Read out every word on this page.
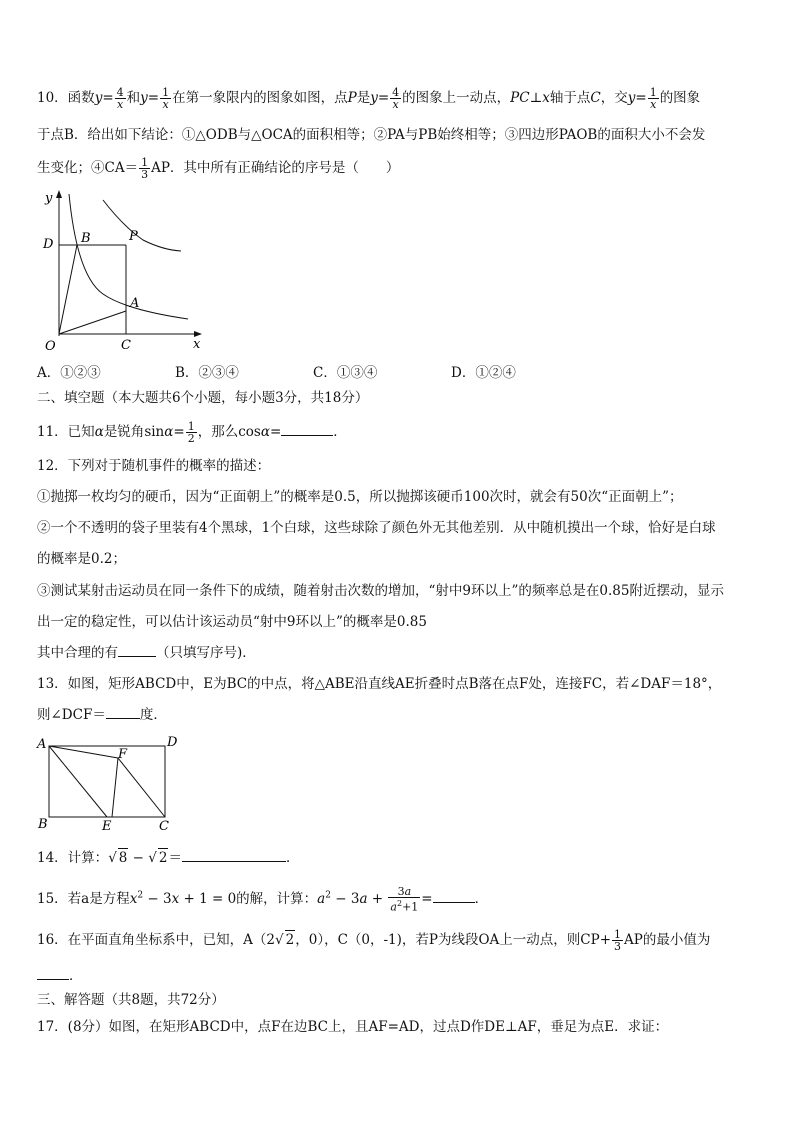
10．函数$y= \frac{4}{x}$ 和$y= \frac{1}{x}$ 在第一象限内的图象如图，点P是$y= \frac{4}{x}$ 的图象上一动点，PC⊥x轴于点C，交$y= \frac{1}{x}$ 的图象
于点B．给出如下结论：①△ODB与△OCA的面积相等；②PA与PB始终相等；③四边形PAOB的面积大小不会发
生变化；④CA＝ $\frac{1}{3}$ AP．其中所有正确结论的序号是（　　）
y
x
O
D B	P
A
C
A．①②③	B．②③④	C．①③④	D．①②④
二、填空题（本大题共6个小题，每小题3分，共18分）
11．已知α是锐角$\sin\alpha= \frac{1}{2}$ ，那么cosα=	．
12．下列对于随机事件的概率的描述：
①抛掷一枚均匀的硬币，因为“正面朝上”的概率是0.5，所以抛掷该硬币100次时，就会有50次“正面朝上”；
②一个不透明的袋子里装有4个黑球，1个白球，这些球除了颜色外无其他差别．从中随机摸出一个球，恰好是白球
的概率是0.2；
③测试某射击运动员在同一条件下的成绩，随着射击次数的增加，“射中9环以上”的频率总是在0.85附近摆动，显示
出一定的稳定性，可以估计该运动员“射中9环以上”的概率是0.85
其中合理的有	（只填写序号)．
13．如图，矩形ABCD中，E为BC的中点，将△ABE沿直线AE折叠时点B落在点F处，连接FC，若∠DAF＝18°，
则∠DCF＝	度．
A	D
F
B	E	C
14．计算：√ 8 − √ 2＝	．
15．若a是方程$x^2 - 3x + 1 = 0$的解，计算：$a^2 - 3a + \frac{3a}{a^2+1}$ =	．
16．在平面直角坐标系中，已知，A（2√ 2，0），C（0，-1)，若P为线段OA上一动点，则$CP+ \frac{1}{3}$ AP的最小值为
．
三、解答题（共8题，共72分）
17．(8分）如图，在矩形ABCD中，点F在边BC上，且AF=AD，过点D作DE⊥AF，垂足为点E．求证：
